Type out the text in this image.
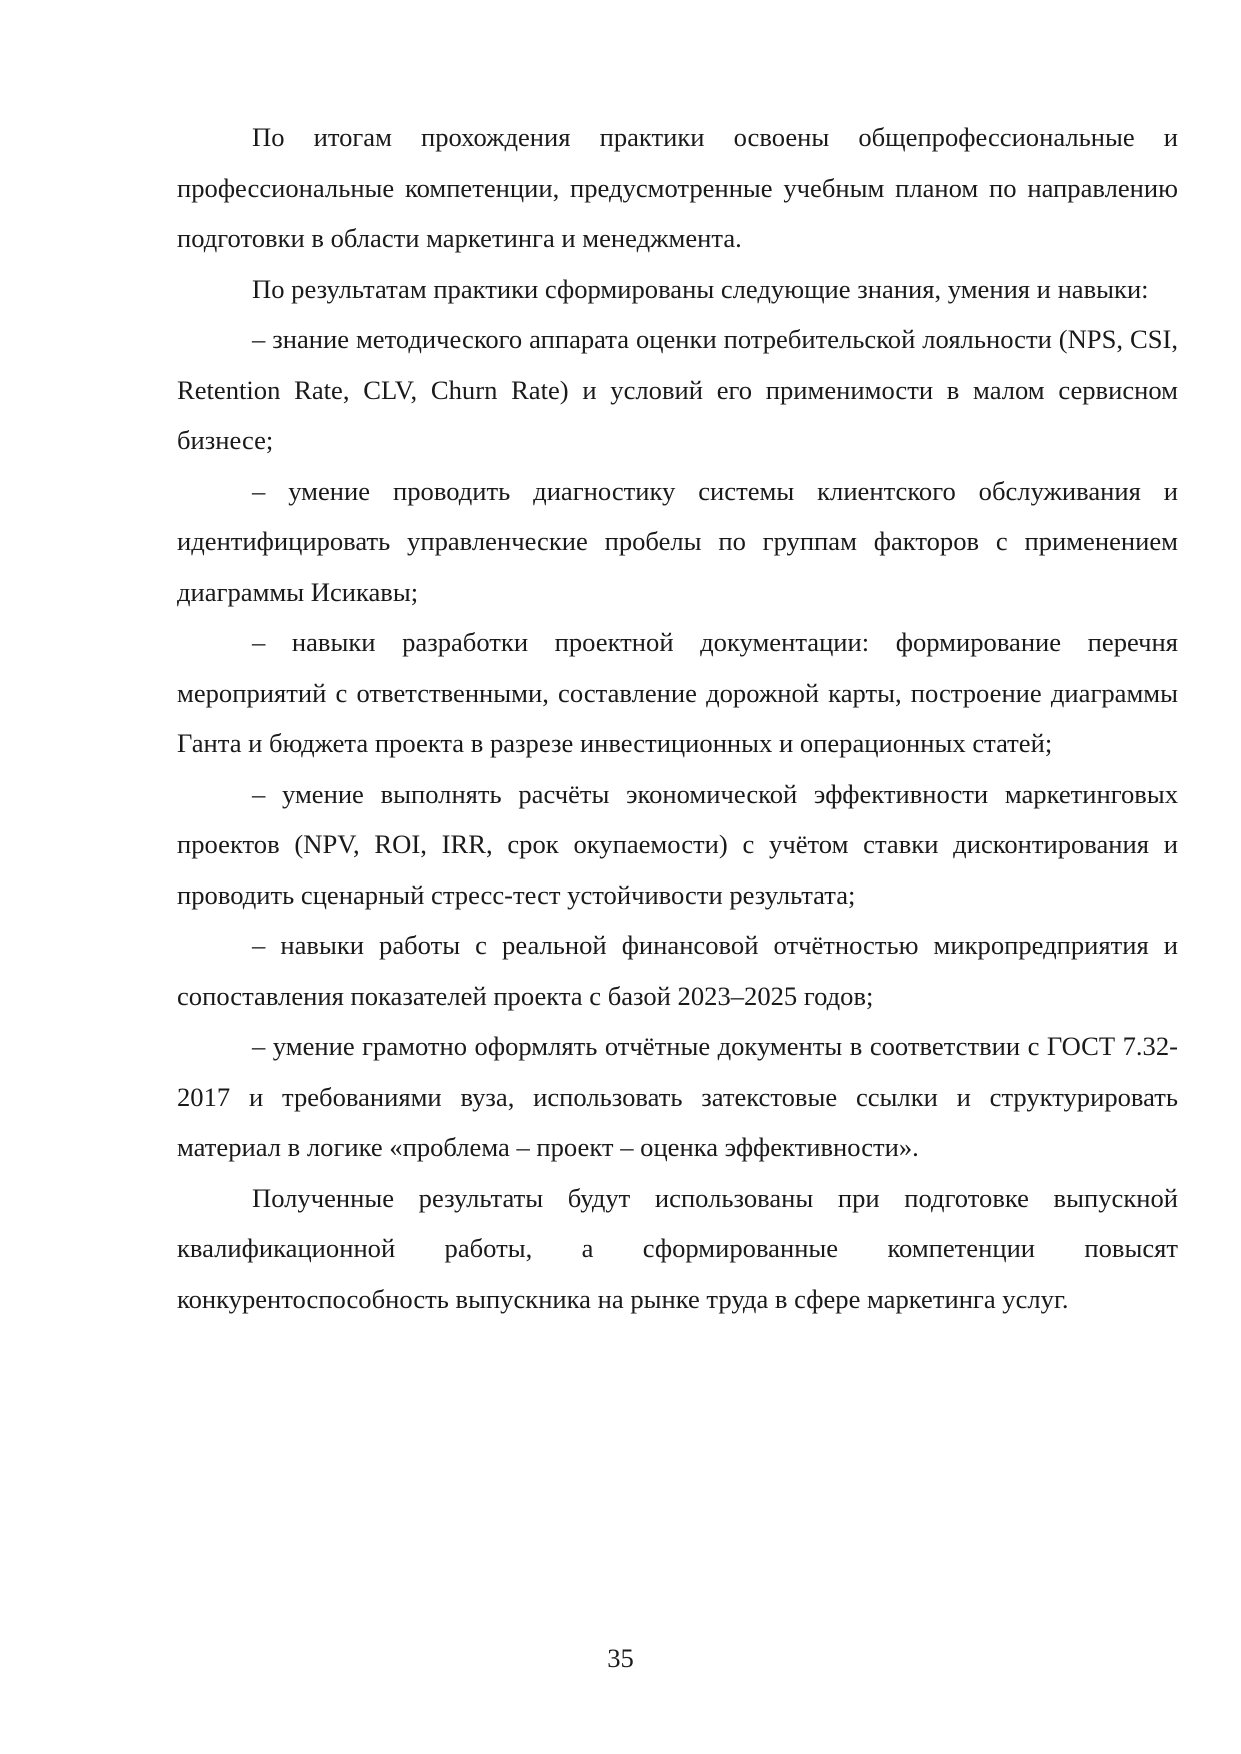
По итогам прохождения практики освоены общепрофессиональные и профессиональные компетенции, предусмотренные учебным планом по направлению подготовки в области маркетинга и менеджмента.

По результатам практики сформированы следующие знания, умения и навыки:

– знание методического аппарата оценки потребительской лояльности (NPS, CSI, Retention Rate, CLV, Churn Rate) и условий его применимости в малом сервисном бизнесе;

– умение проводить диагностику системы клиентского обслуживания и идентифицировать управленческие пробелы по группам факторов с применением диаграммы Исикавы;

– навыки разработки проектной документации: формирование перечня мероприятий с ответственными, составление дорожной карты, построение диаграммы Ганта и бюджета проекта в разрезе инвестиционных и операционных статей;

– умение выполнять расчёты экономической эффективности маркетинговых проектов (NPV, ROI, IRR, срок окупаемости) с учётом ставки дисконтирования и проводить сценарный стресс-тест устойчивости результата;

– навыки работы с реальной финансовой отчётностью микропредприятия и сопоставления показателей проекта с базой 2023–2025 годов;

– умение грамотно оформлять отчётные документы в соответствии с ГОСТ 7.32-2017 и требованиями вуза, использовать затекстовые ссылки и структурировать материал в логике «проблема – проект – оценка эффективности».

Полученные результаты будут использованы при подготовке выпускной квалификационной работы, а сформированные компетенции повысят конкурентоспособность выпускника на рынке труда в сфере маркетинга услуг.

35
